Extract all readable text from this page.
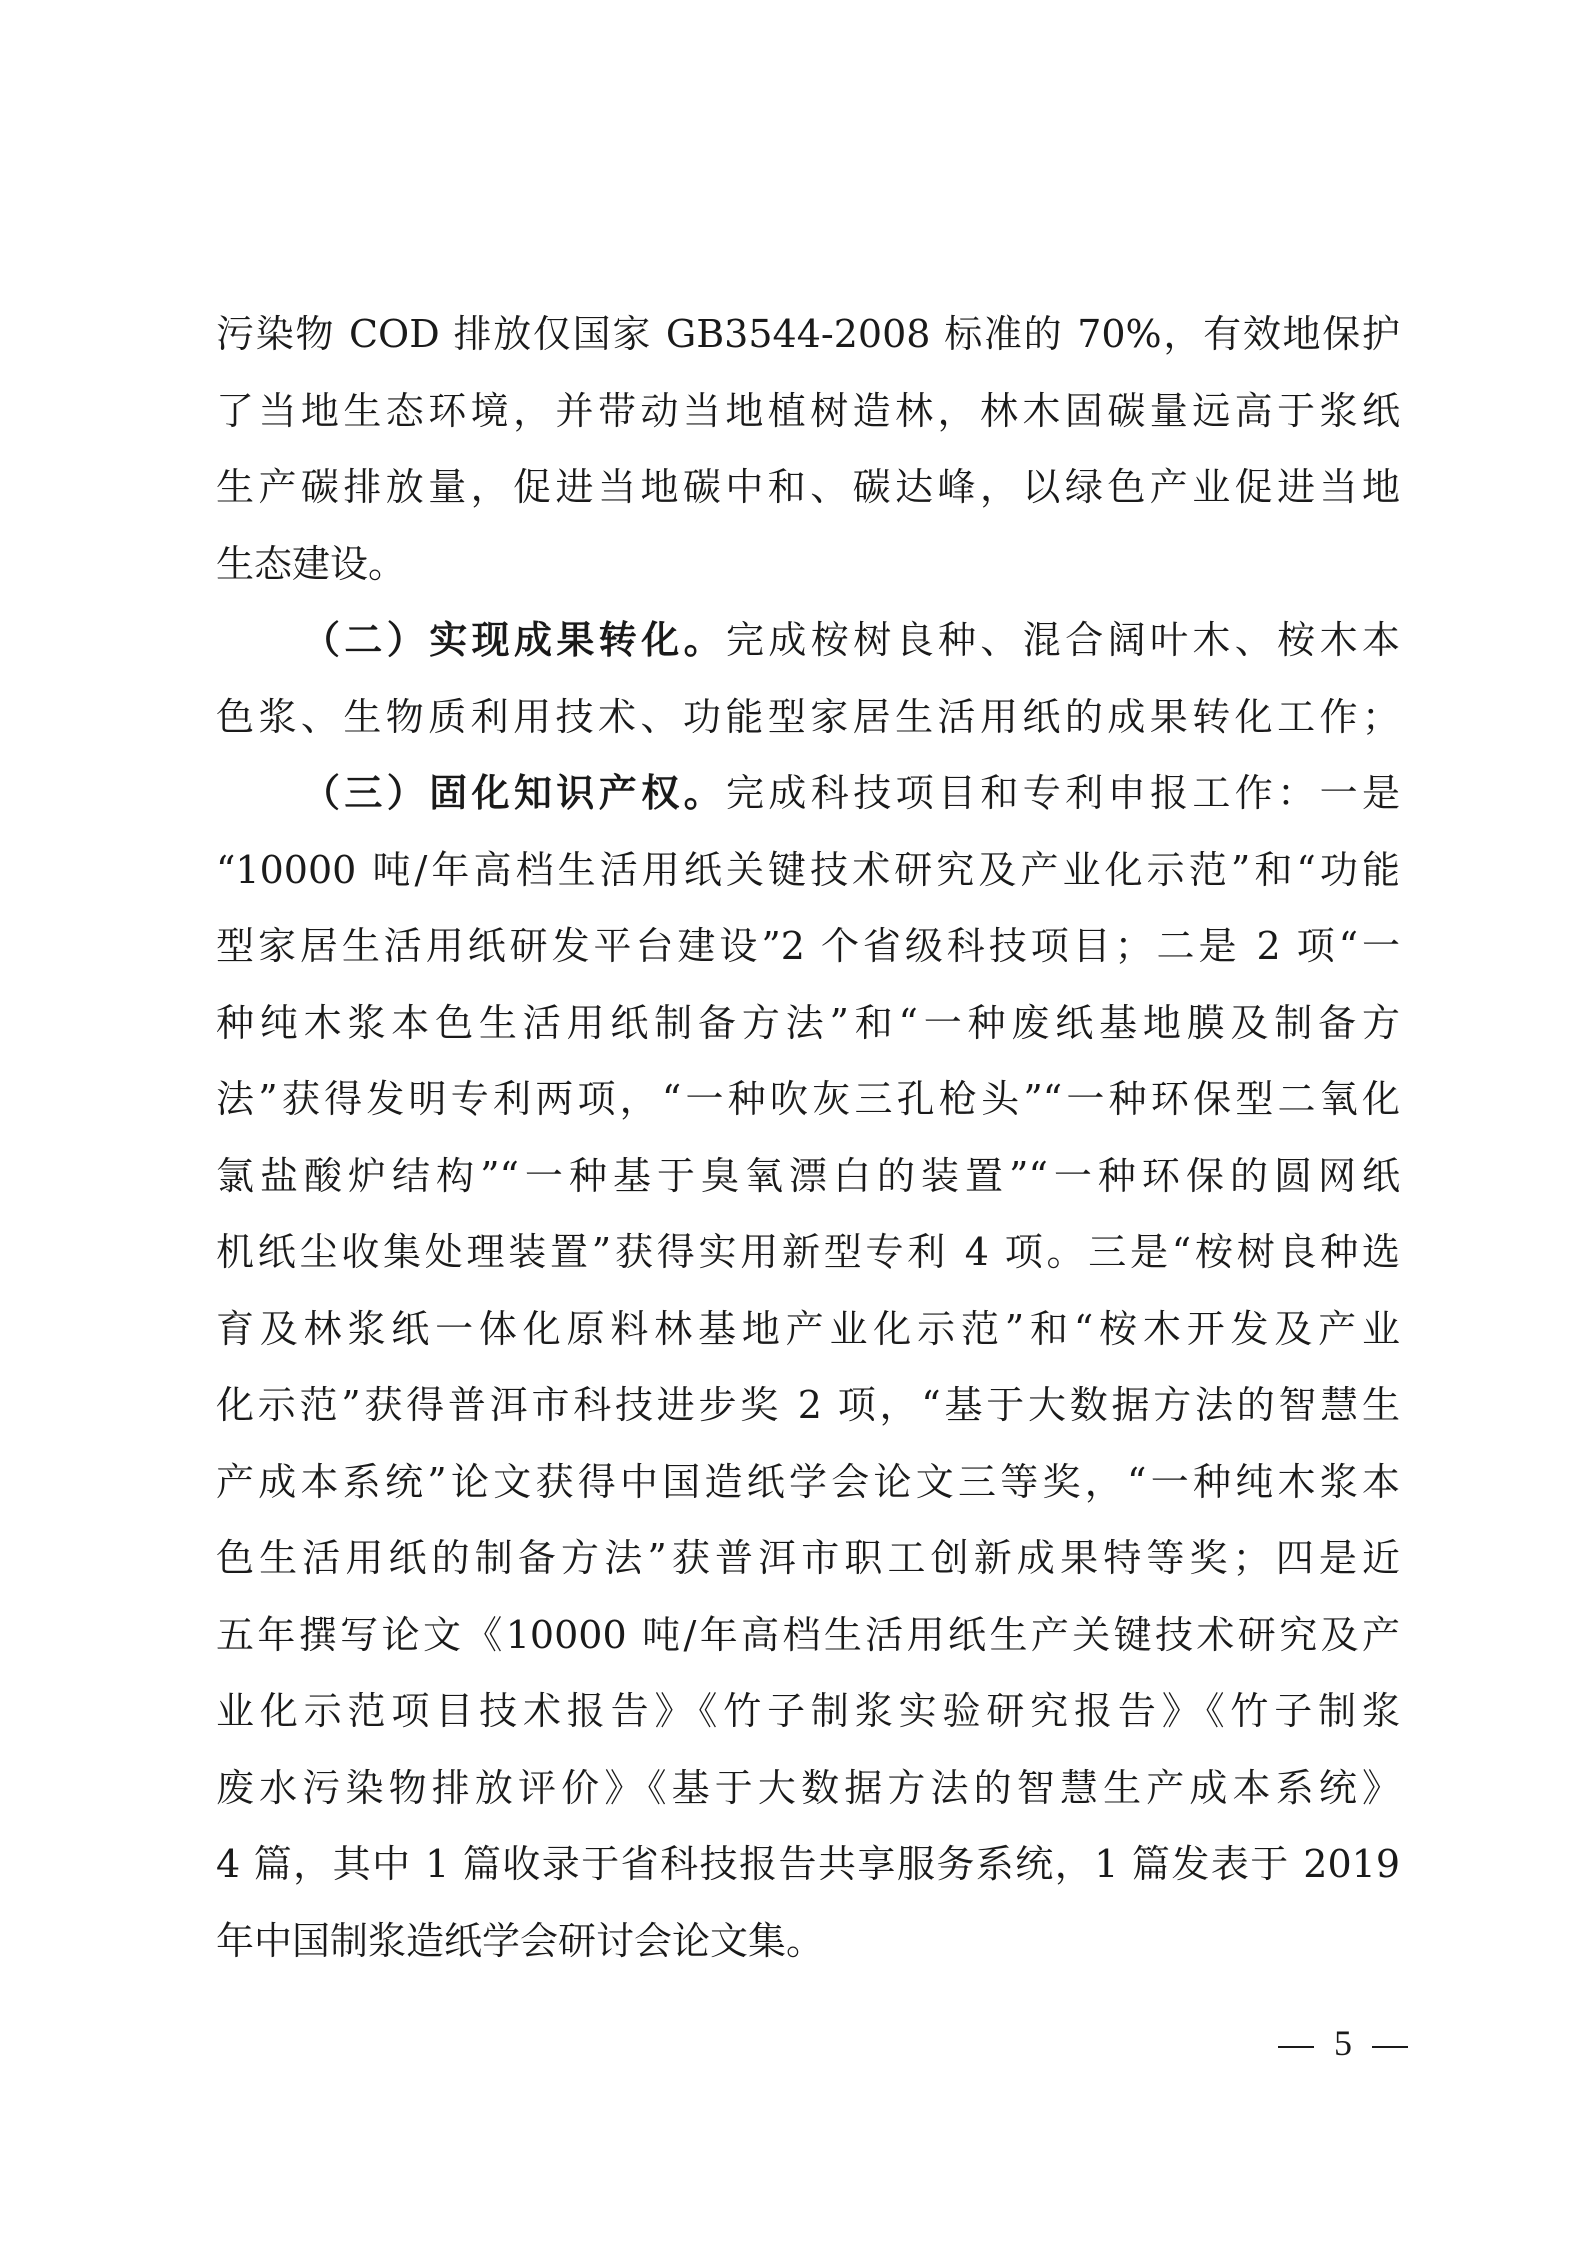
污染物 COD 排放仅国家 GB3544-2008 标准的 70%，有效地保护
了当地生态环境，并带动当地植树造林，林木固碳量远高于浆纸
生产碳排放量，促进当地碳中和、碳达峰，以绿色产业促进当地
生态建设。
（二）实现成果转化。完成桉树良种、混合阔叶木、桉木本
色浆、生物质利用技术、功能型家居生活用纸的成果转化工作；
（三）固化知识产权。完成科技项目和专利申报工作：一是
“10000 吨/年高档生活用纸关键技术研究及产业化示范”和“功能
型家居生活用纸研发平台建设”2 个省级科技项目；二是 2 项“一
种纯木浆本色生活用纸制备方法”和“一种废纸基地膜及制备方
法”获得发明专利两项，“一种吹灰三孔枪头”“一种环保型二氧化
氯盐酸炉结构”“一种基于臭氧漂白的装置”“一种环保的圆网纸
机纸尘收集处理装置”获得实用新型专利 4 项。三是“桉树良种选
育及林浆纸一体化原料林基地产业化示范”和“桉木开发及产业
化示范”获得普洱市科技进步奖 2 项，“基于大数据方法的智慧生
产成本系统”论文获得中国造纸学会论文三等奖，“一种纯木浆本
色生活用纸的制备方法”获普洱市职工创新成果特等奖；四是近
五年撰写论文《10000 吨/年高档生活用纸生产关键技术研究及产
业化示范项目技术报告》《竹子制浆实验研究报告》《竹子制浆
废水污染物排放评价》《基于大数据方法的智慧生产成本系统》
4 篇，其中 1 篇收录于省科技报告共享服务系统，1 篇发表于 2019
年中国制浆造纸学会研讨会论文集。
5
